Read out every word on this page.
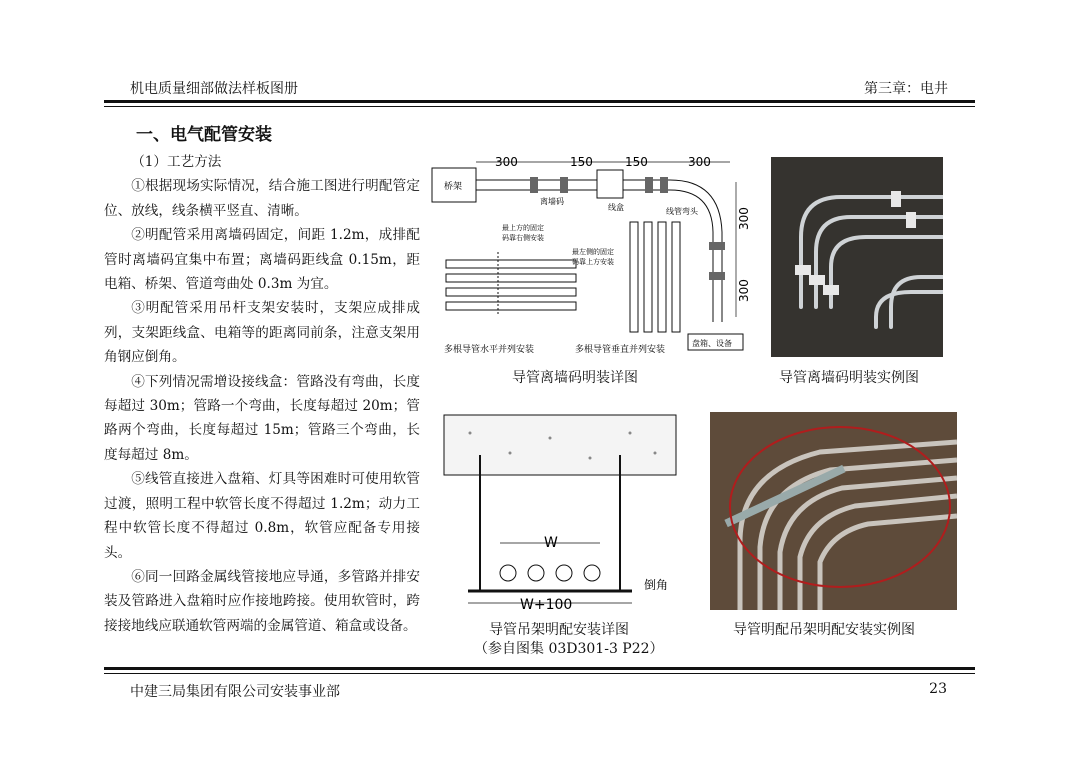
机电质量细部做法样板图册	第三章：电井
一、电气配管安装

（1）工艺方法

①根据现场实际情况，结合施工图进行明配管定位、放线，线条横平竖直、清晰。

②明配管采用离墙码固定，间距 1.2m，成排配管时离墙码宜集中布置；离墙码距线盒 0.15m，距电箱、桥架、管道弯曲处 0.3m 为宜。

③明配管采用吊杆支架安装时，支架应成排成列，支架距线盒、电箱等的距离同前条，注意支架用角钢应倒角。

④下列情况需增设接线盒：管路没有弯曲，长度每超过 30m；管路一个弯曲，长度每超过 20m；管路两个弯曲，长度每超过 15m；管路三个弯曲，长度每超过 8m。

⑤线管直接进入盘箱、灯具等困难时可使用软管过渡，照明工程中软管长度不得超过 1.2m；动力工程中软管长度不得超过 0.8m，软管应配备专用接头。

⑥同一回路金属线管接地应导通，多管路并排安装及管路进入盘箱时应作接地跨接。使用软管时，跨接接地线应联通软管两端的金属管道、箱盒或设备。

桥架
300	150	150	300
300
300
离墙码
线盒	线管弯头
最上方的固定
码靠右侧安装
多根导管水平并列安装
最左侧的固定
码靠上方安装
多根导管垂直并列安装
盘箱、设备
导管离墙码明装详图	导管离墙码明装实例图
W
W+100
倒角
导管吊架明配安装详图
（参自图集 03D301-3 P22）
导管明配吊架明配安装实例图
中建三局集团有限公司安装事业部	23
